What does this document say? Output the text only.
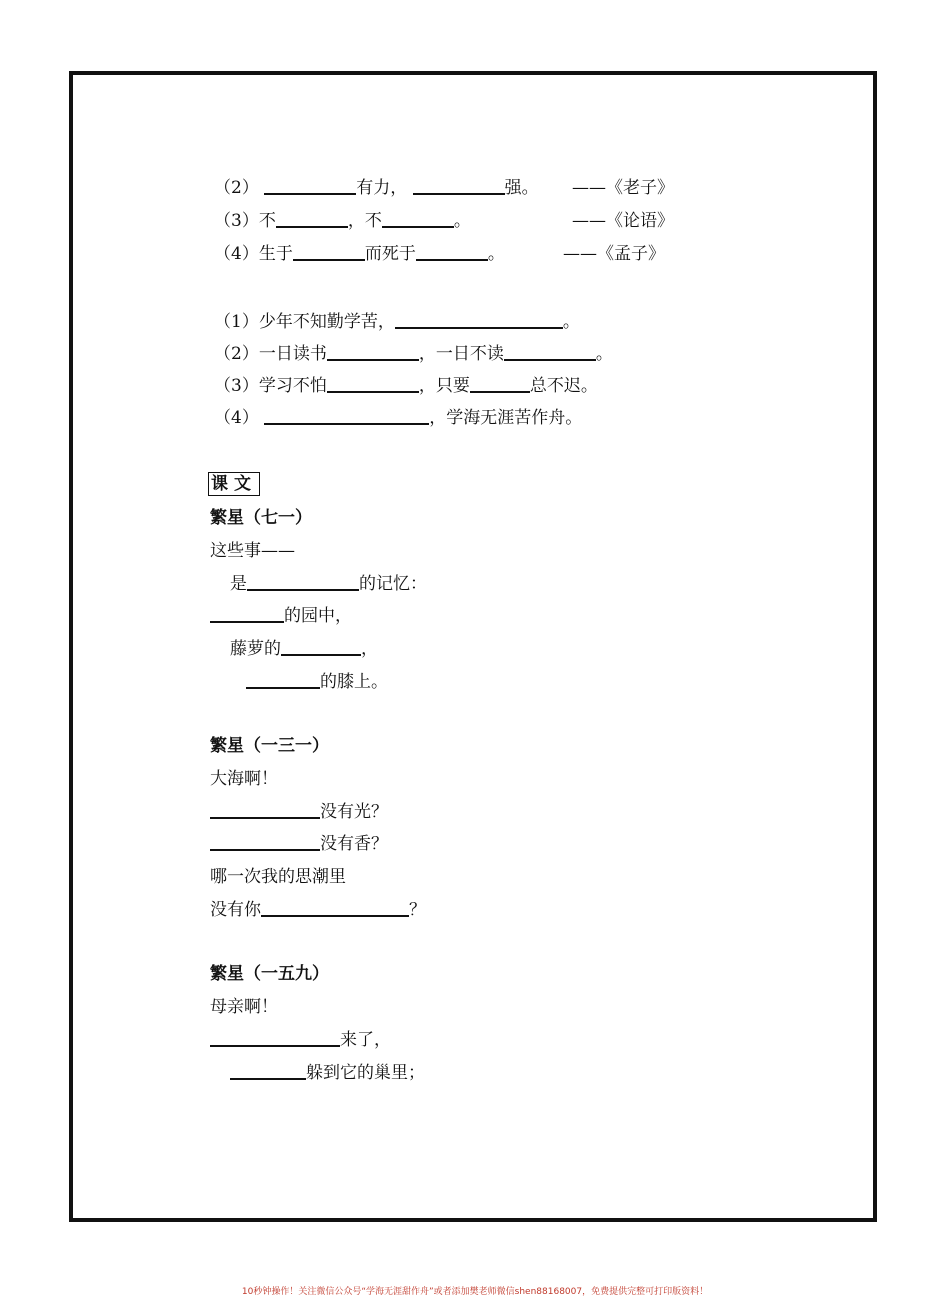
（2）	有力，	强。 ——《老子》
（3）不	，不	。	——《论语》
（4）生于	而死于	。	——《孟子》
（1）少年不知勤学苦，	。
（2）一日读书	，一日不读	。
（3）学习不怕	，只要	总不迟。
（4）	，学海无涯苦作舟。
课文
繁星（七一）
这些事——
是	的记忆：
的园中，
藤萝的	，
的膝上。
繁星（一三一）
大海啊！
没有光？
没有香？
哪一次我的思潮里
没有你	？
繁星（一五九）
母亲啊！
来了，
躲到它的巢里；
10秒钟操作！关注微信公众号“学海无涯甜作舟”或者添加樊老师微信shen88168007，免费提供完整可打印版资料！
